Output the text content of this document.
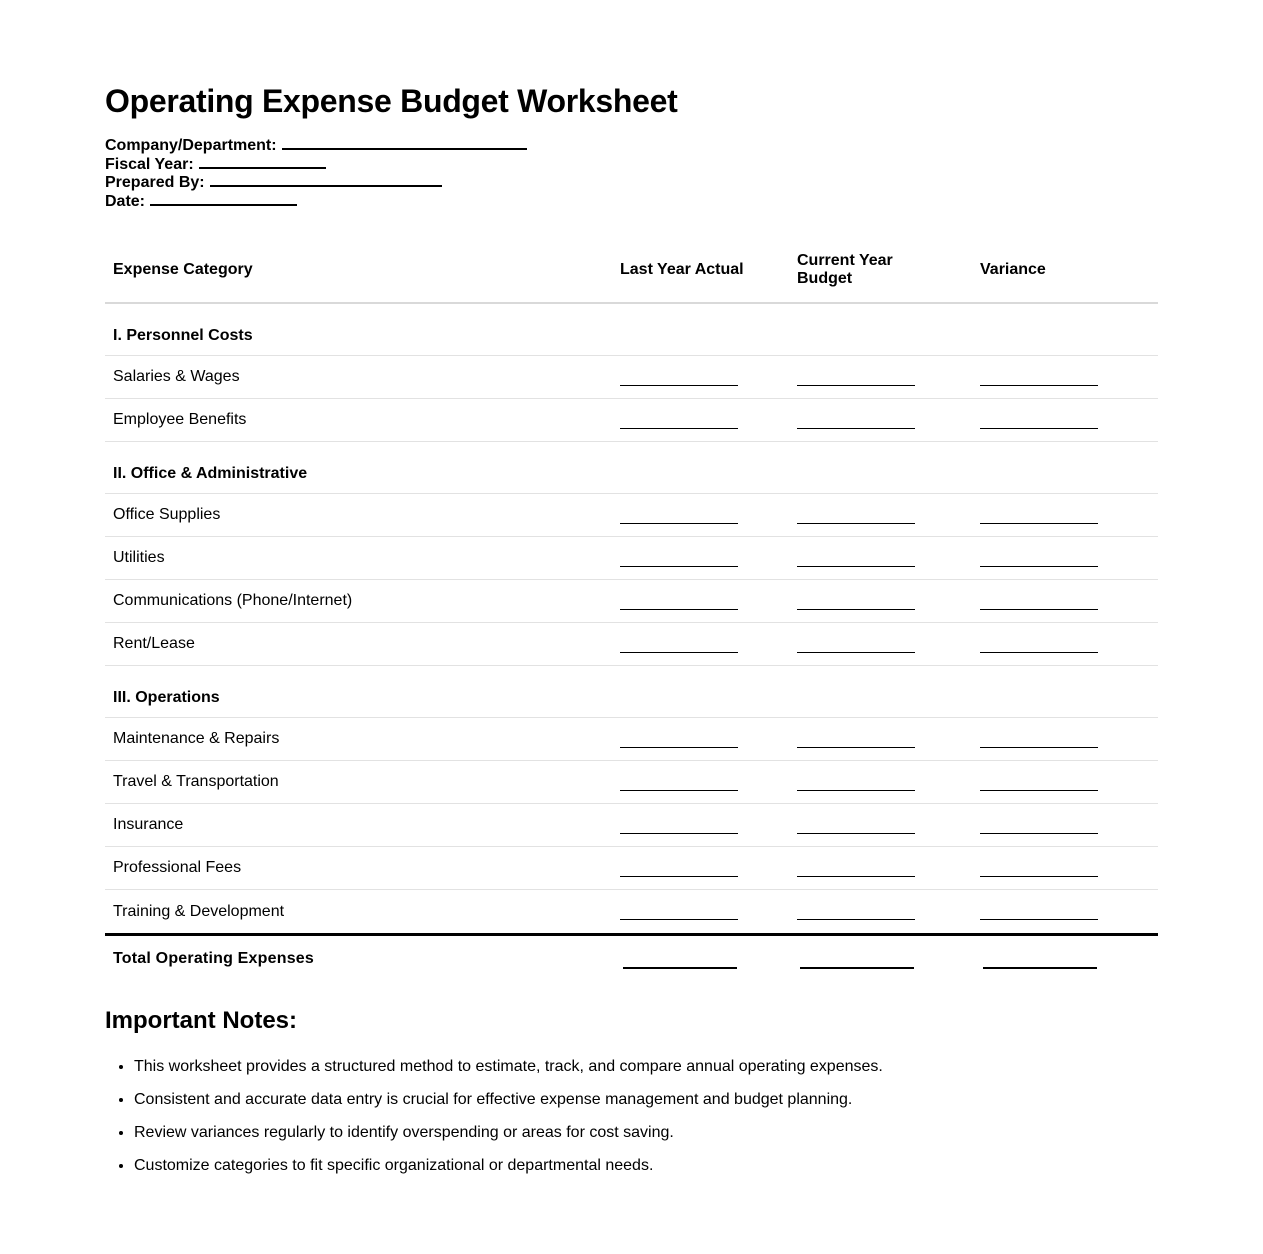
Operating Expense Budget Worksheet
Company/Department:
Fiscal Year:
Prepared By:
Date:
Expense Category	Last Year Actual
Current Year Budget
Variance
I. Personnel Costs
Salaries & Wages
Employee Benefits
II. Office & Administrative
Office Supplies
Utilities
Communications (Phone/Internet)
Rent/Lease
III. Operations
Maintenance & Repairs
Travel & Transportation
Insurance
Professional Fees
Training & Development
Total Operating Expenses
Important Notes:
• This worksheet provides a structured method to estimate, track, and compare annual operating expenses.
• Consistent and accurate data entry is crucial for effective expense management and budget planning.
• Review variances regularly to identify overspending or areas for cost saving.
• Customize categories to fit specific organizational or departmental needs.
